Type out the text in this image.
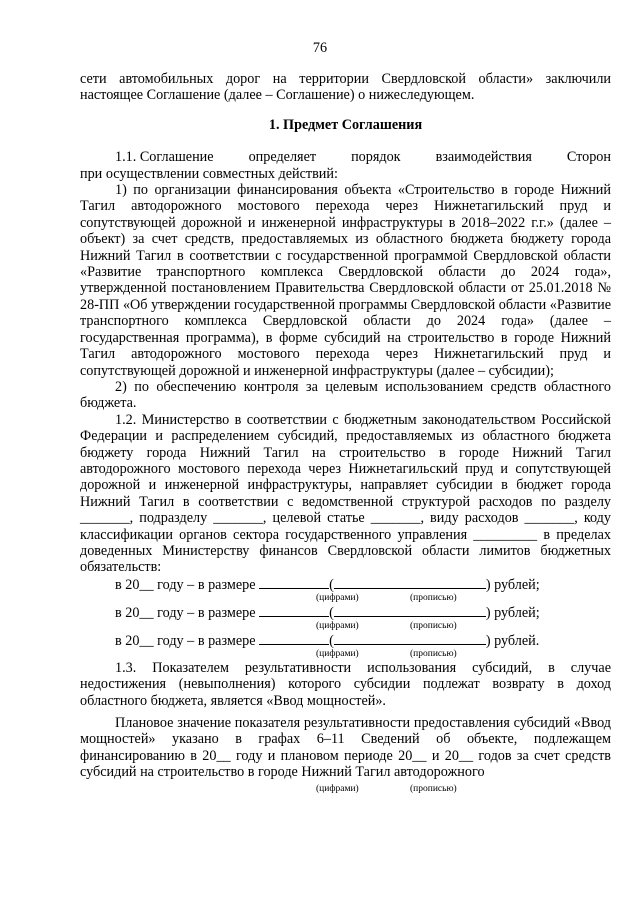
76

сети автомобильных дорог на территории Свердловской области» заключили настоящее Соглашение (далее – Соглашение) о нижеследующем.

1. Предмет Соглашения

1.1. Соглашение определяет порядок взаимодействия Сторон

при осуществлении совместных действий:

1) по организации финансирования объекта «Строительство в городе Нижний Тагил автодорожного мостового перехода через Нижнетагильский пруд и сопутствующей дорожной и инженерной инфраструктуры в 2018–2022 г.г.» (далее – объект) за счет средств, предоставляемых из областного бюджета бюджету города Нижний Тагил в соответствии с государственной программой Свердловской области «Развитие транспортного комплекса Свердловской области до 2024 года», утвержденной постановлением Правительства Свердловской области от 25.01.2018 № 28-ПП «Об утверждении государственной программы Свердловской области «Развитие транспортного комплекса Свердловской области до 2024 года» (далее – государственная программа), в форме субсидий на строительство в городе Нижний Тагил автодорожного мостового перехода через Нижнетагильский пруд и сопутствующей дорожной и инженерной инфраструктуры (далее – субсидии);

2) по обеспечению контроля за целевым использованием средств областного бюджета.

1.2. Министерство в соответствии с бюджетным законодательством Российской Федерации и распределением субсидий, предоставляемых из областного бюджета бюджету города Нижний Тагил на строительство в городе Нижний Тагил автодорожного мостового перехода через Нижнетагильский пруд и сопутствующей дорожной и инженерной инфраструктуры, направляет субсидии в бюджет города Нижний Тагил в соответствии с ведомственной структурой расходов по разделу _______, подразделу _______, целевой статье _______, виду расходов _______, коду классификации органов сектора государственного управления _________ в пределах доведенных Министерству финансов Свердловской области лимитов бюджетных обязательств:

в 20__ году – в размере	(	) рублей;
(цифрами)	(прописью)
в 20__ году – в размере	(	) рублей;
(цифрами)	(прописью)
в 20__ году – в размере	(	) рублей.
(цифрами)	(прописью)

1.3. Показателем результативности использования субсидий, в случае недостижения (невыполнения) которого субсидии подлежат возврату в доход областного бюджета, является «Ввод мощностей».

Плановое значение показателя результативности предоставления субсидий «Ввод мощностей» указано в графах 6–11 Сведений об объекте, подлежащем финансированию в 20__ году и плановом периоде 20__ и 20__ годов за счет средств субсидий на строительство в городе Нижний Тагил автодорожного

(цифрами)	(прописью)
